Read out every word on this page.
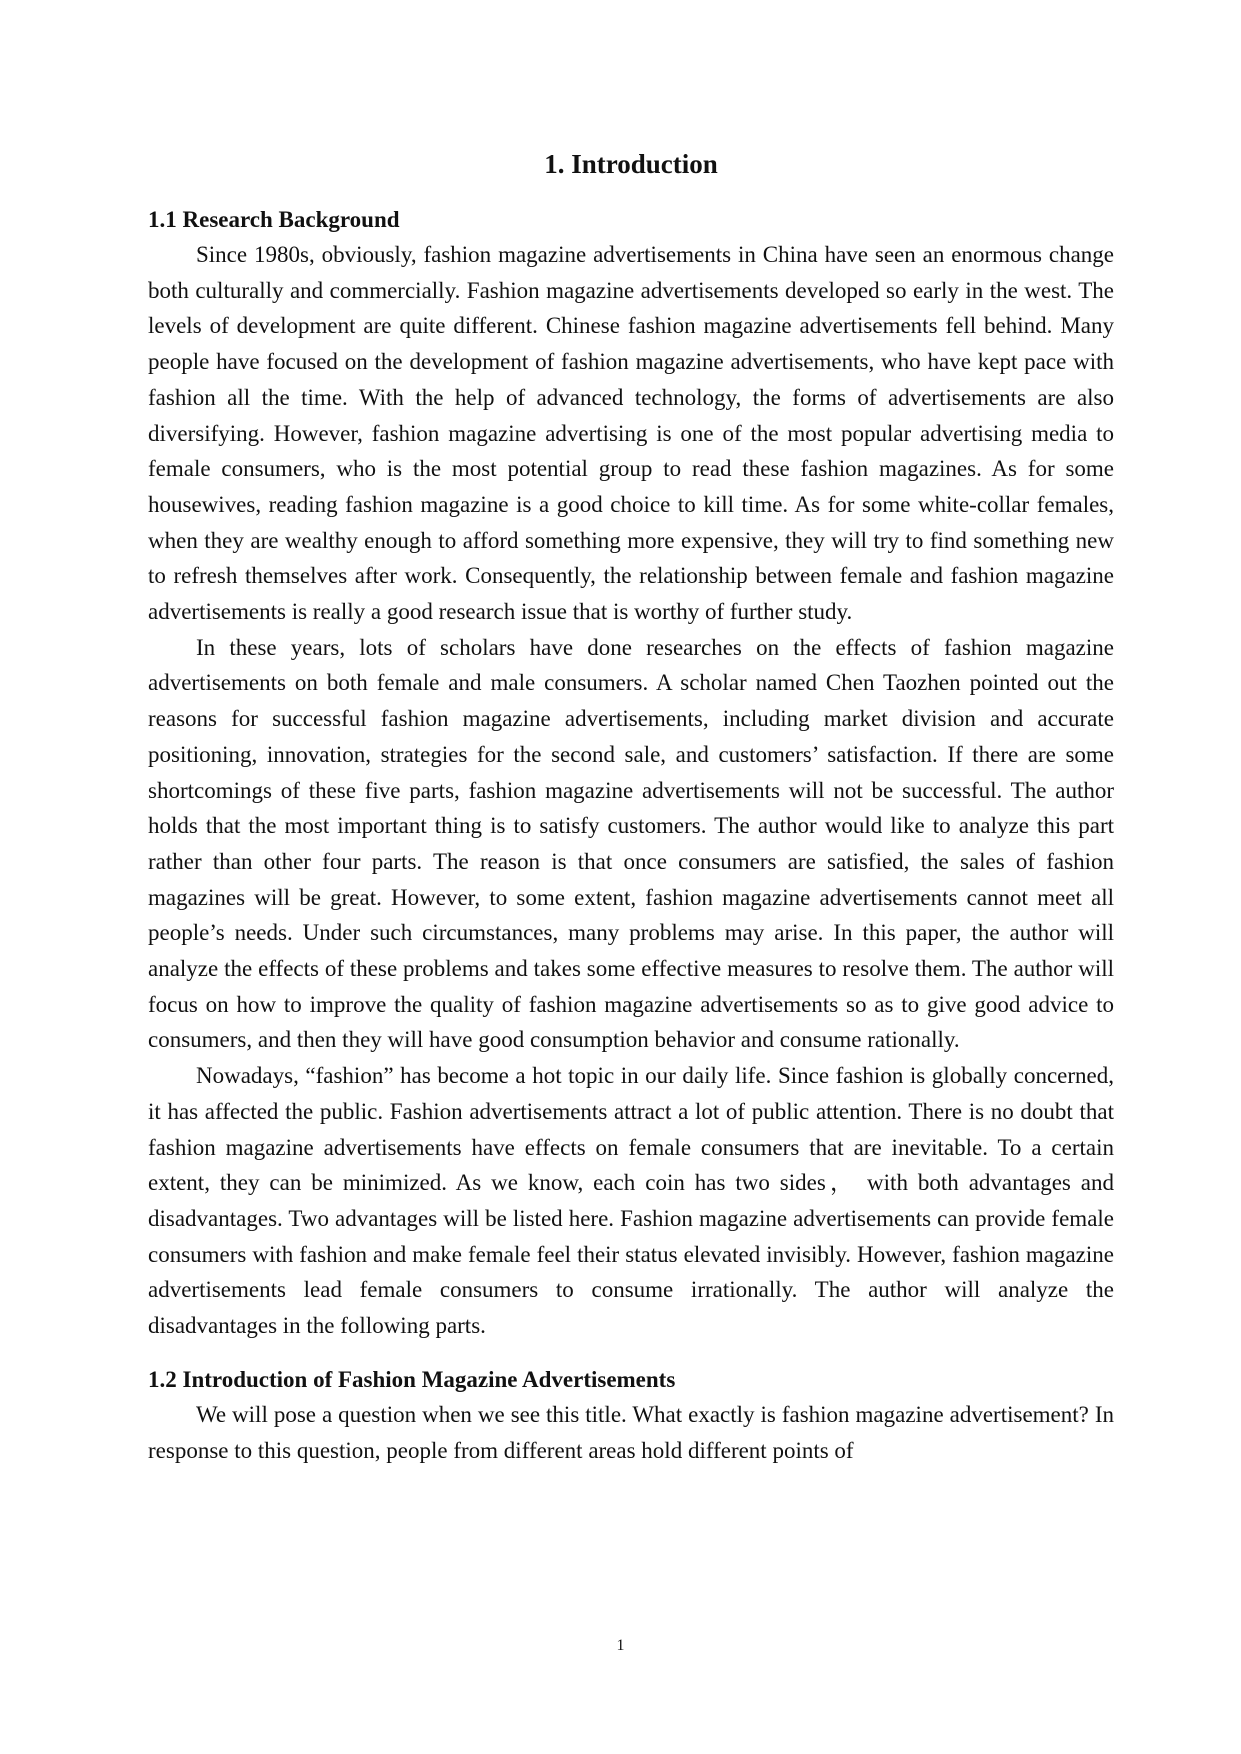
1. Introduction
1.1 Research Background

Since 1980s, obviously, fashion magazine advertisements in China have seen an enormous change both culturally and commercially. Fashion magazine advertisements developed so early in the west. The levels of development are quite different. Chinese fashion magazine advertisements fell behind. Many people have focused on the development of fashion magazine advertisements, who have kept pace with fashion all the time. With the help of advanced technology, the forms of advertisements are also diversifying. However, fashion magazine advertising is one of the most popular advertising media to female consumers, who is the most potential group to read these fashion magazines. As for some housewives, reading fashion magazine is a good choice to kill time. As for some white-collar females, when they are wealthy enough to afford something more expensive, they will try to find something new to refresh themselves after work. Consequently, the relationship between female and fashion magazine advertisements is really a good research issue that is worthy of further study.

In these years, lots of scholars have done researches on the effects of fashion magazine advertisements on both female and male consumers. A scholar named Chen Taozhen pointed out the reasons for successful fashion magazine advertisements, including market division and accurate positioning, innovation, strategies for the second sale, and customers’ satisfaction. If there are some shortcomings of these five parts, fashion magazine advertisements will not be successful. The author holds that the most important thing is to satisfy customers. The author would like to analyze this part rather than other four parts. The reason is that once consumers are satisfied, the sales of fashion magazines will be great. However, to some extent, fashion magazine advertisements cannot meet all people’s needs. Under such circumstances, many problems may arise. In this paper, the author will analyze the effects of these problems and takes some effective measures to resolve them. The author will focus on how to improve the quality of fashion magazine advertisements so as to give good advice to consumers, and then they will have good consumption behavior and consume rationally.

Nowadays, “fashion” has become a hot topic in our daily life. Since fashion is globally concerned, it has affected the public. Fashion advertisements attract a lot of public attention. There is no doubt that fashion magazine advertisements have effects on female consumers that are inevitable. To a certain extent, they can be minimized. As we know, each coin has two sides， with both advantages and disadvantages. Two advantages will be listed here. Fashion magazine advertisements can provide female consumers with fashion and make female feel their status elevated invisibly. However, fashion magazine advertisements lead female consumers to consume irrationally. The author will analyze the disadvantages in the following parts.

1.2 Introduction of Fashion Magazine Advertisements

We will pose a question when we see this title. What exactly is fashion magazine advertisement? In response to this question, people from different areas hold different points of

1
